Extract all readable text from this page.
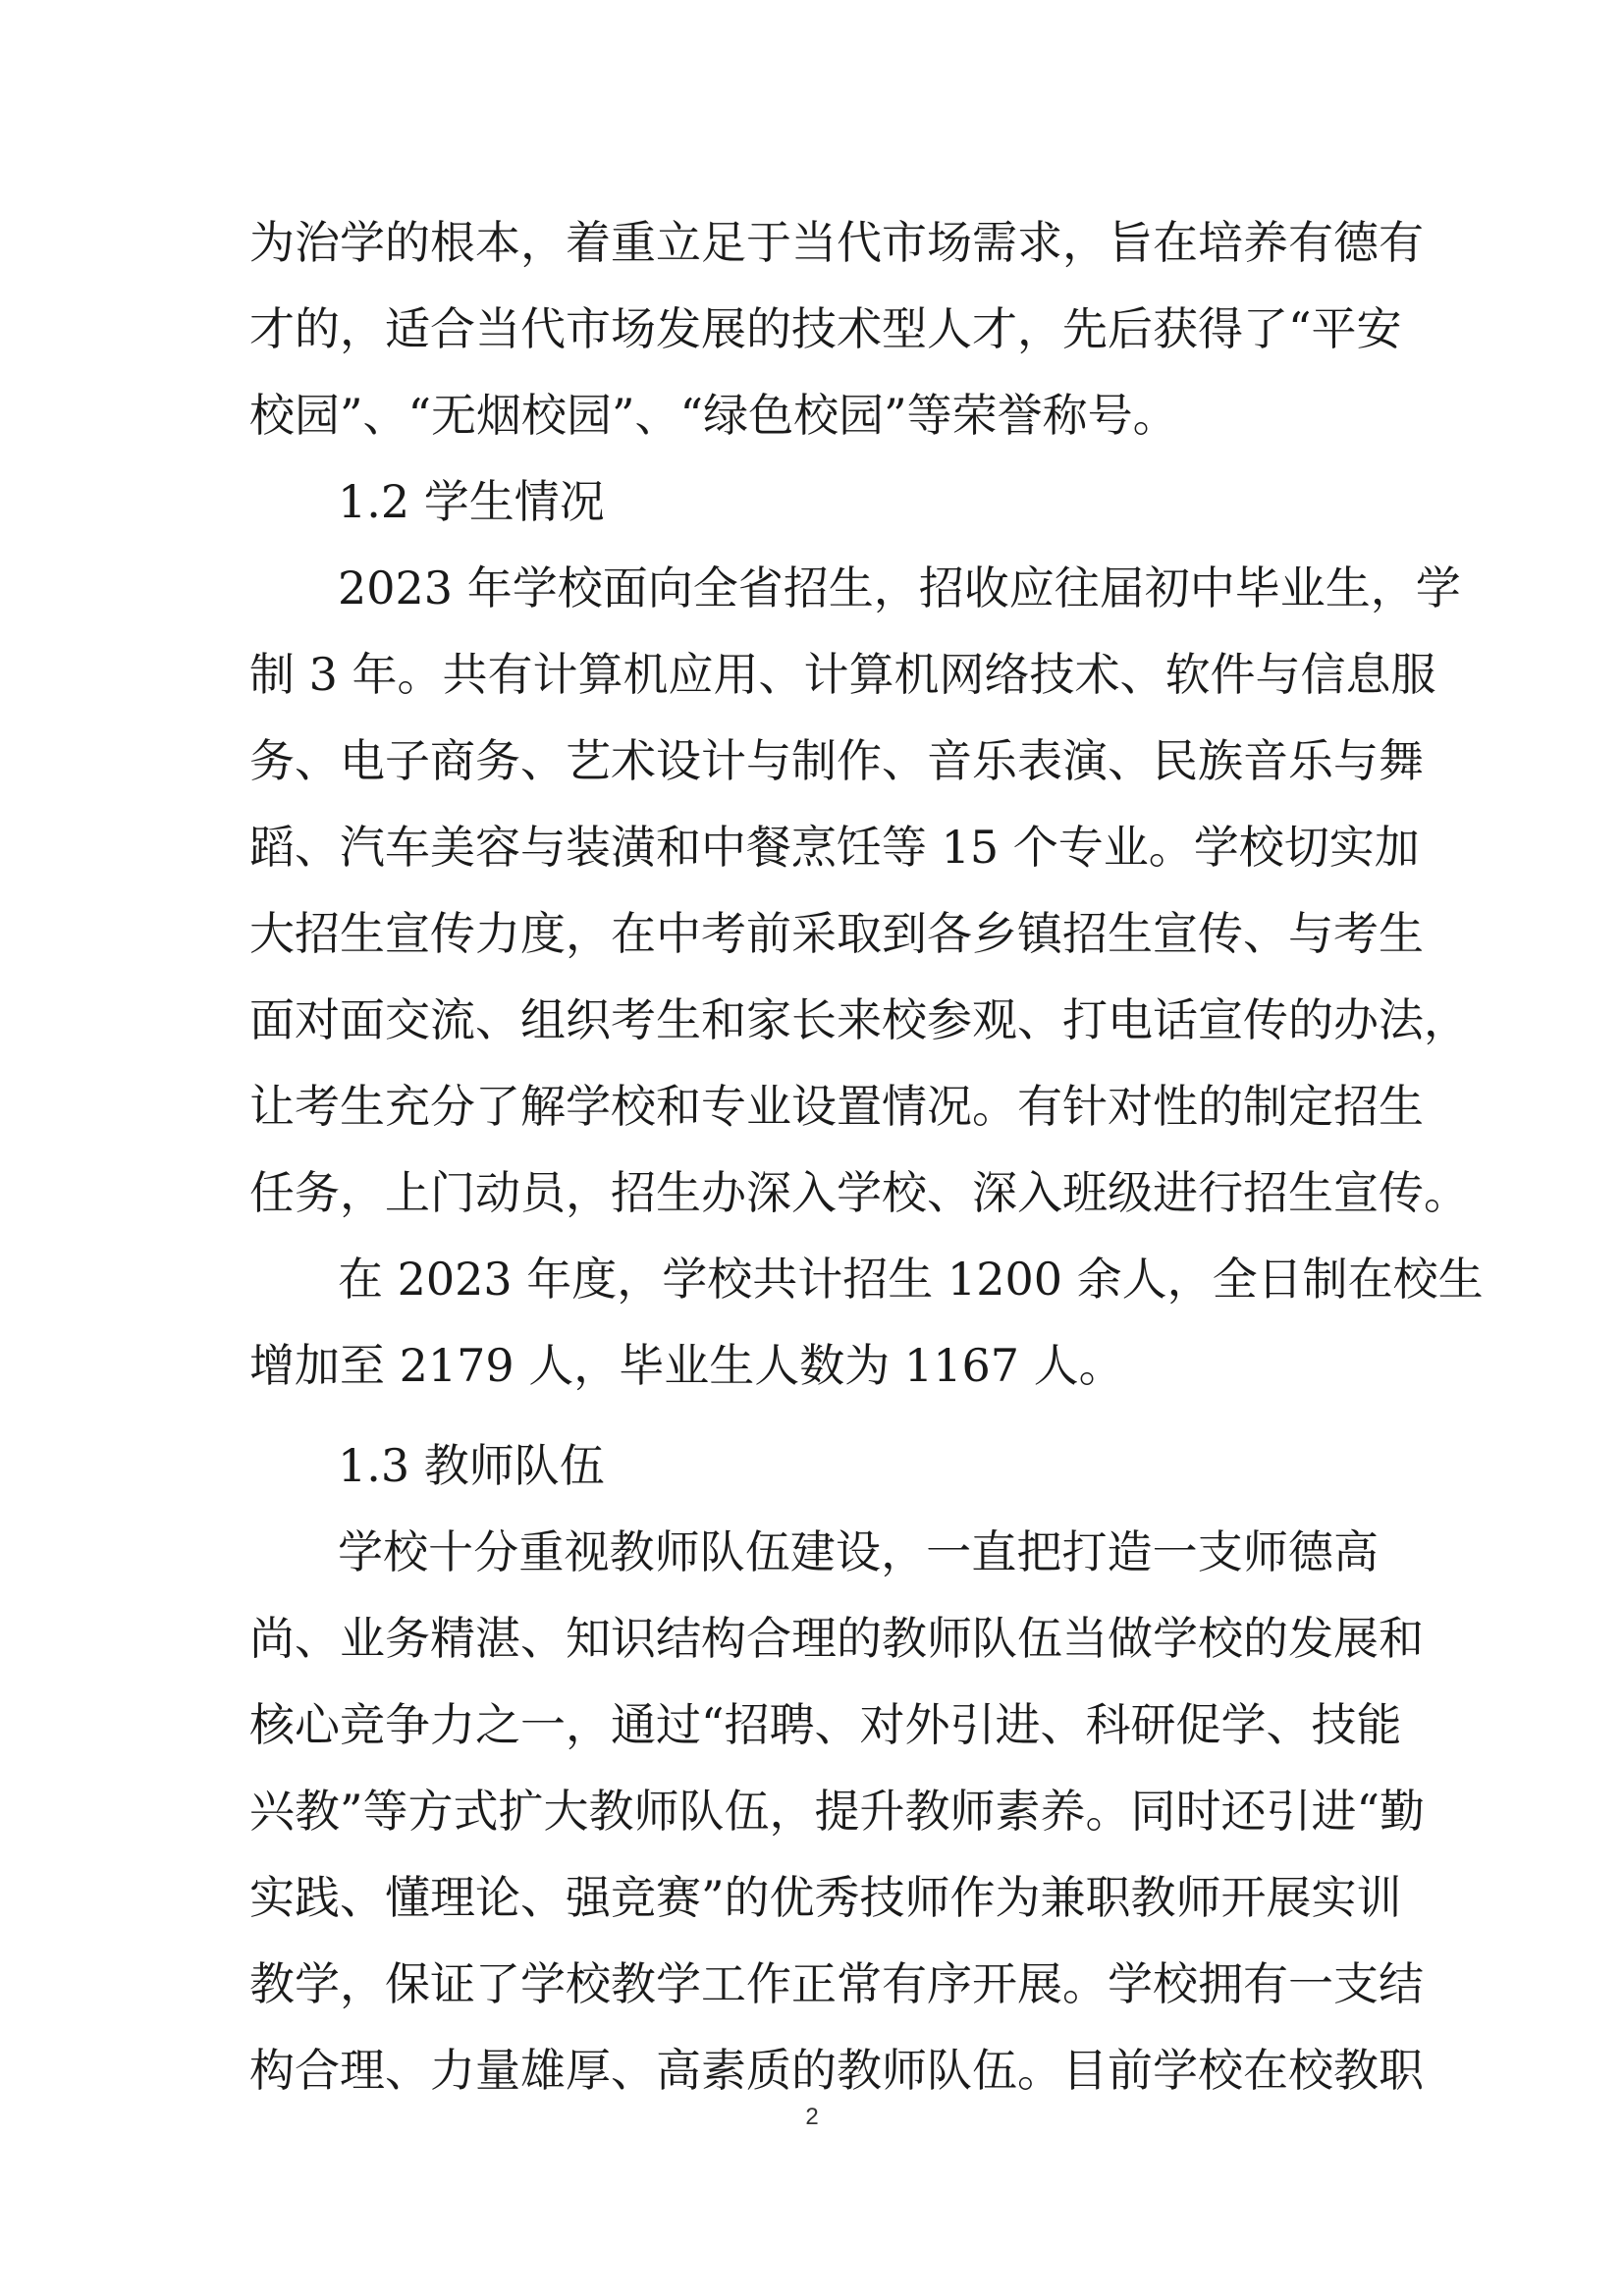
为治学的根本，着重立足于当代市场需求，旨在培养有德有
才的，适合当代市场发展的技术型人才，先后获得了“平安
校园”、“无烟校园”、“绿色校园”等荣誉称号。
1.2 学生情况
2023 年学校面向全省招生，招收应往届初中毕业生，学
制 3 年。共有计算机应用、计算机网络技术、软件与信息服
务、电子商务、艺术设计与制作、音乐表演、民族音乐与舞
蹈、汽车美容与装潢和中餐烹饪等 15 个专业。学校切实加
大招生宣传力度，在中考前采取到各乡镇招生宣传、与考生
面对面交流、组织考生和家长来校参观、打电话宣传的办法，
让考生充分了解学校和专业设置情况。有针对性的制定招生
任务，上门动员，招生办深入学校、深入班级进行招生宣传。
在 2023 年度，学校共计招生 1200 余人，全日制在校生
增加至 2179 人，毕业生人数为 1167 人。
1.3 教师队伍
学校十分重视教师队伍建设，一直把打造一支师德高
尚、业务精湛、知识结构合理的教师队伍当做学校的发展和
核心竞争力之一，通过“招聘、对外引进、科研促学、技能
兴教”等方式扩大教师队伍，提升教师素养。同时还引进“勤
实践、懂理论、强竞赛”的优秀技师作为兼职教师开展实训
教学，保证了学校教学工作正常有序开展。学校拥有一支结
构合理、力量雄厚、高素质的教师队伍。目前学校在校教职
2
